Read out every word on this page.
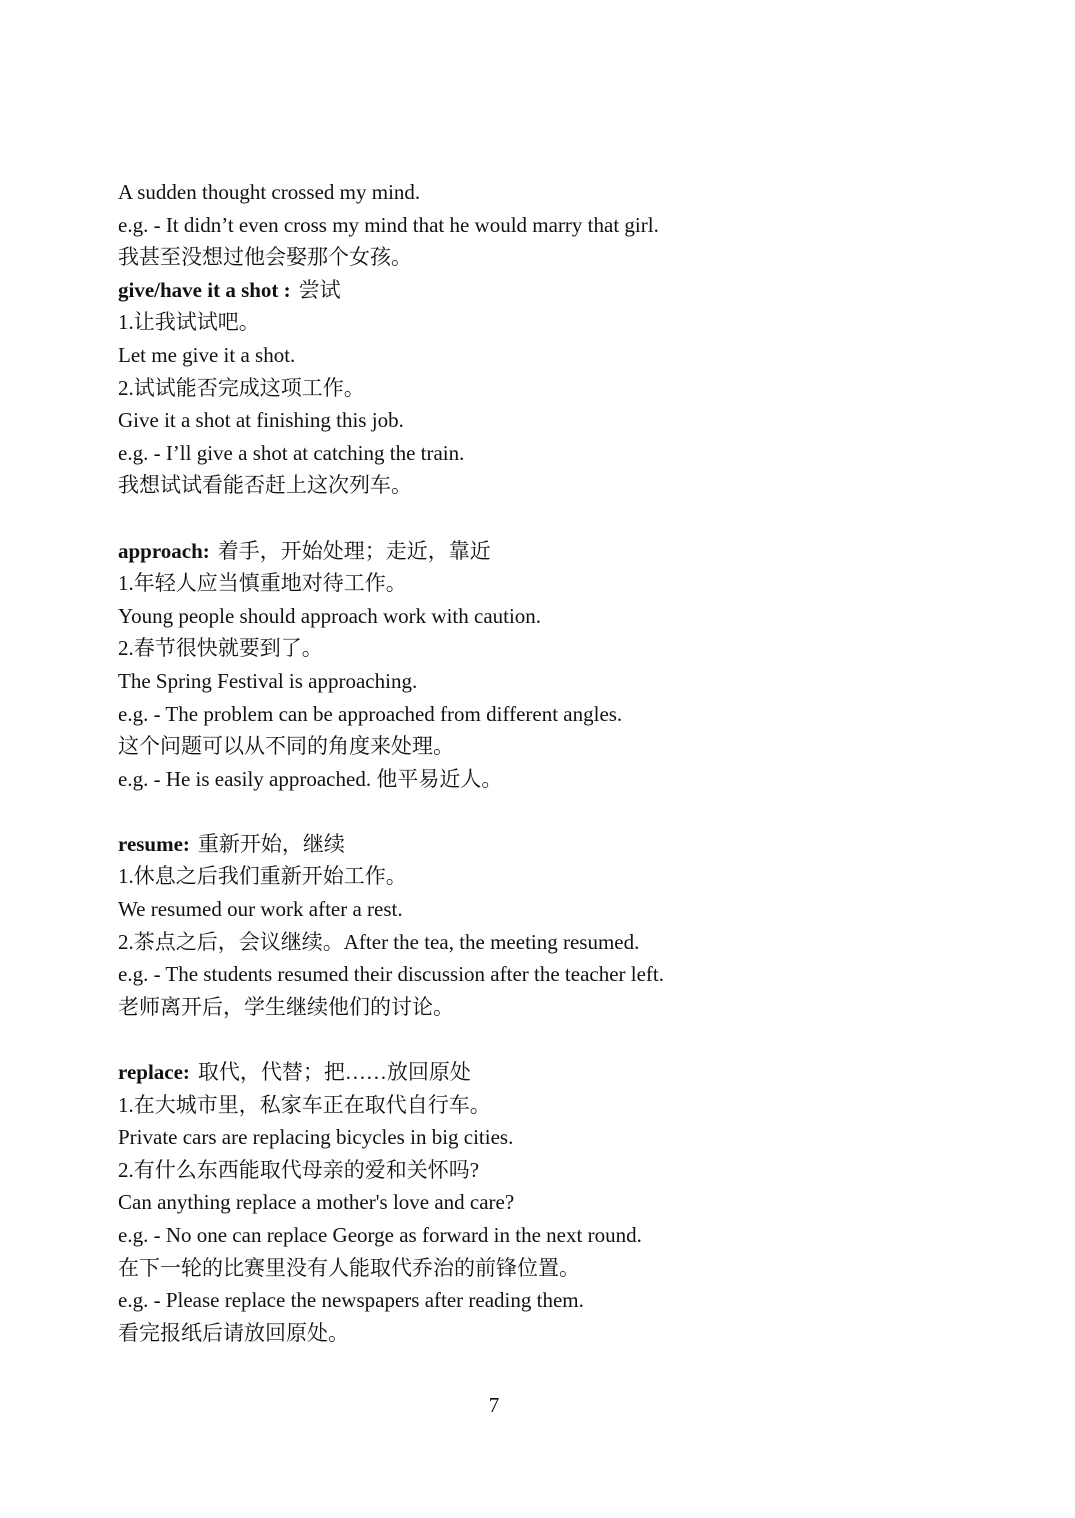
A sudden thought crossed my mind.
e.g. - It didn’t even cross my mind that he would marry that girl.
我甚至没想过他会娶那个女孩。
give/have it a shot : 尝试
1.让我试试吧。
Let me give it a shot.
2.试试能否完成这项工作。
Give it a shot at finishing this job.
e.g. - I’ll give a shot at catching the train.
我想试试看能否赶上这次列车。
approach: 着手，开始处理；走近，靠近
1.年轻人应当慎重地对待工作。
Young people should approach work with caution.
2.春节很快就要到了。
The Spring Festival is approaching.
e.g. - The problem can be approached from different angles.
这个问题可以从不同的角度来处理。
e.g. - He is easily approached. 他平易近人。
resume: 重新开始，继续
1.休息之后我们重新开始工作。
We resumed our work after a rest.
2.茶点之后，会议继续。After the tea, the meeting resumed.
e.g. - The students resumed their discussion after the teacher left.
老师离开后，学生继续他们的讨论。
replace: 取代，代替；把……放回原处
1.在大城市里，私家车正在取代自行车。
Private cars are replacing bicycles in big cities.
2.有什么东西能取代母亲的爱和关怀吗?
Can anything replace a mother's love and care?
e.g. - No one can replace George as forward in the next round.
在下一轮的比赛里没有人能取代乔治的前锋位置。
e.g. - Please replace the newspapers after reading them.
看完报纸后请放回原处。
7
